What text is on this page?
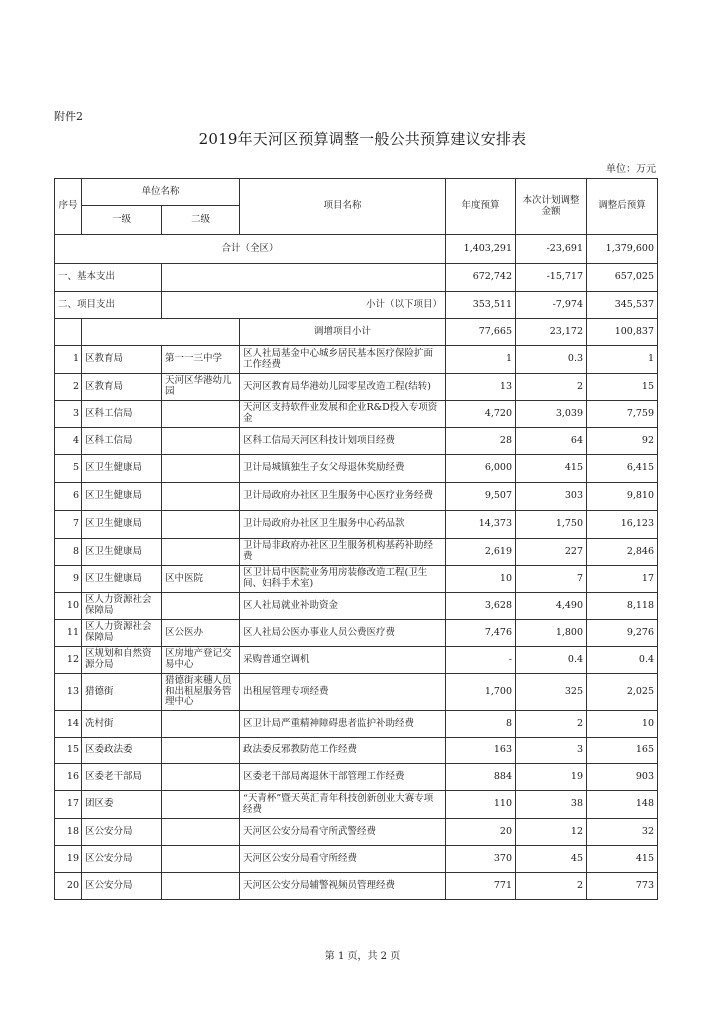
附件2
2019年天河区预算调整一般公共预算建议安排表
单位：万元
序号	单位名称		项目名称	年度预算	本次计划调整金额	调整后预算
	一级	二级				
合计（全区）				1,403,291	-23,691	1,379,600
一、基本支出				672,742	-15,717	657,025
二、项目支出		小计（以下项目）		353,511	-7,974	345,537
			调增项目小计	77,665	23,172	100,837
1	区教育局	第一一三中学	区人社局基金中心城乡居民基本医疗保险扩面工作经费	1	0.3	1
2	区教育局	天河区华港幼儿园	天河区教育局华港幼儿园零星改造工程(结转)	13	2	15
3	区科工信局		天河区支持软件业发展和企业R&D投入专项资金	4,720	3,039	7,759
4	区科工信局		区科工信局天河区科技计划项目经费	28	64	92
5	区卫生健康局		卫计局城镇独生子女父母退休奖励经费	6,000	415	6,415
6	区卫生健康局		卫计局政府办社区卫生服务中心医疗业务经费	9,507	303	9,810
7	区卫生健康局		卫计局政府办社区卫生服务中心药品款	14,373	1,750	16,123
8	区卫生健康局		卫计局非政府办社区卫生服务机构基药补助经费	2,619	227	2,846
9	区卫生健康局	区中医院	区卫计局中医院业务用房装修改造工程(卫生间、妇科手术室)	10	7	17
10	区人力资源社会保障局		区人社局就业补助资金	3,628	4,490	8,118
11	区人力资源社会保障局	区公医办	区人社局公医办事业人员公费医疗费	7,476	1,800	9,276
12	区规划和自然资源分局	区房地产登记交易中心	采购普通空调机	-	0.4	0.4
13	猎德街	猎德街来穗人员和出租屋服务管理中心	出租屋管理专项经费	1,700	325	2,025
14	冼村街		区卫计局严重精神障碍患者监护补助经费	8	2	10
15	区委政法委		政法委反邪教防范工作经费	163	3	165
16	区委老干部局		区委老干部局离退休干部管理工作经费	884	19	903
17	团区委		“天青杯”暨天英汇青年科技创新创业大赛专项经费	110	38	148
18	区公安分局		天河区公安分局看守所武警经费	20	12	32
19	区公安分局		天河区公安分局看守所经费	370	45	415
20	区公安分局		天河区公安分局辅警视频员管理经费	771	2	773
第 1 页，共 2 页
